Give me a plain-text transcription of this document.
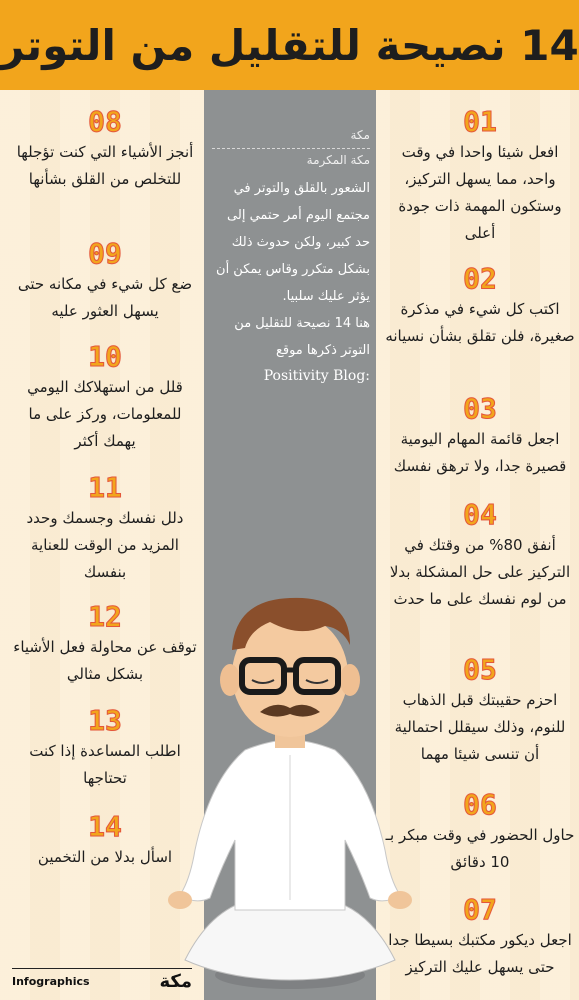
14 نصيحة للتقليل من التوتر
مكة
مكة المكرمة
الشعور بالقلق والتوتر في مجتمع اليوم أمر حتمي إلى حد كبير، ولكن حدوث ذلك بشكل متكرر وقاس يمكن أن يؤثر عليك سلبيا.
هنا 14 نصيحة للتقليل من التوتر ذكرها موقع
Positivity Blog:
01
افعل شيئا واحدا في وقت واحد، مما يسهل التركيز، وستكون المهمة ذات جودة أعلى
02
اكتب كل شيء في مذكرة صغيرة، فلن تقلق بشأن نسيانه
03
اجعل قائمة المهام اليومية قصيرة جدا، ولا ترهق نفسك
04
أنفق 80% من وقتك في التركيز على حل المشكلة بدلا من لوم نفسك على ما حدث
05
احزم حقيبتك قبل الذهاب للنوم، وذلك سيقلل احتمالية أن تنسى شيئا مهما
06
حاول الحضور في وقت مبكر بـ 10 دقائق
07
اجعل ديكور مكتبك بسيطا جدا حتى يسهل عليك التركيز
08
أنجز الأشياء التي كنت تؤجلها للتخلص من القلق بشأنها
09
ضع كل شيء في مكانه حتى يسهل العثور عليه
10
قلل من استهلاكك اليومي للمعلومات، وركز على ما يهمك أكثر
11
دلل نفسك وجسمك وحدد المزيد من الوقت للعناية بنفسك
12
توقف عن محاولة فعل الأشياء بشكل مثالي
13
اطلب المساعدة إذا كنت تحتاجها
14
اسأل بدلا من التخمين
Infographics	مكة
